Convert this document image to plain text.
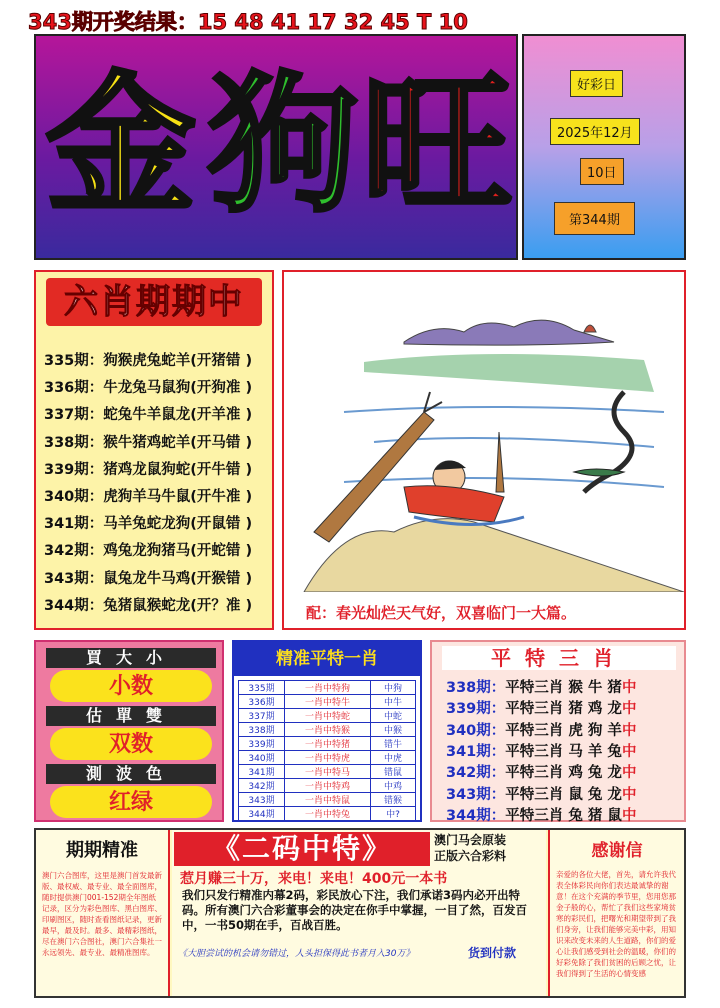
343期开奖结果：15 48 41 17 32 45 T 10
金 狗 旺	好彩日
2025年12月
10日
第344期
六肖期期中
335期：狗猴虎兔蛇羊(开猪错 )
336期：牛龙兔马鼠狗(开狗准 )
337期：蛇兔牛羊鼠龙(开羊准 )
338期：猴牛猪鸡蛇羊(开马错 )
339期：猪鸡龙鼠狗蛇(开牛错 )
340期：虎狗羊马牛鼠(开牛准 )
341期：马羊兔蛇龙狗(开鼠错 )
342期：鸡兔龙狗猪马(开蛇错 )
343期：鼠兔龙牛马鸡(开猴错 )
344期：兔猪鼠猴蛇龙(开？准 )	配：春光灿烂天气好，双喜临门一大篇。
買大小
小数
估單雙
双数
測波色
红绿
精准平特一肖
335期	一肖中特狗	中狗
336期	一肖中特牛	中牛
337期	一肖中特蛇	中蛇
338期	一肖中特猴	中猴
339期	一肖中特猪	错牛
340期	一肖中特虎	中虎
341期	一肖中特马	错鼠
342期	一肖中特鸡	中鸡
343期	一肖中特鼠	错猴
344期	一肖中特兔	中?
平特三肖
338期：平特三肖 猴 牛 猪中
339期：平特三肖 猪 鸡 龙中
340期：平特三肖 虎 狗 羊中
341期：平特三肖 马 羊 兔中
342期：平特三肖 鸡 兔 龙中
343期：平特三肖 鼠 兔 龙中
344期：平特三肖 兔 猪 鼠中
期期精准
澳门六合图库，这里是澳门首发最新版、最权威、最专业、最全面图库，随时提供澳门001-152期全年图纸记录，区分为彩色图库、黑白图库、印刷图区，随时查看图纸记录，更新最早，最及时。最多、最精彩图纸，尽在澳门六合图社，澳门六合集社一永远领先、最专业、最精准图库。
《二码中特》	澳门马会原装
正版六合彩料
惹月赚三十万，来电！来电！400元一本书
我们只发行精准内幕2码，彩民放心下注，我们承诺3码内必开出特码。所有澳门六合彩董事会的决定在你手中掌握，一目了然，百发百中，一书50期在手，百战百胜。
《大胆尝试的机会请勿错过，人头担保得此书者月入30万》	货到付款
感谢信
亲爱的各位大佬，首先，请允许我代表全体彩民向你们表达最诚挚的谢意！在这个充满的季节里，您用您那金子般的心，帮忙了我们这些家境贫寒的彩民们，把曙光和期望带到了我们身旁，让我们能够完美中彩，用知识来改变未来的人生道路，你们的爱心让我们感受到社会的温暖，你们的好彩免除了我们贫困的后顾之忧，让我们得到了生活的心情变感
